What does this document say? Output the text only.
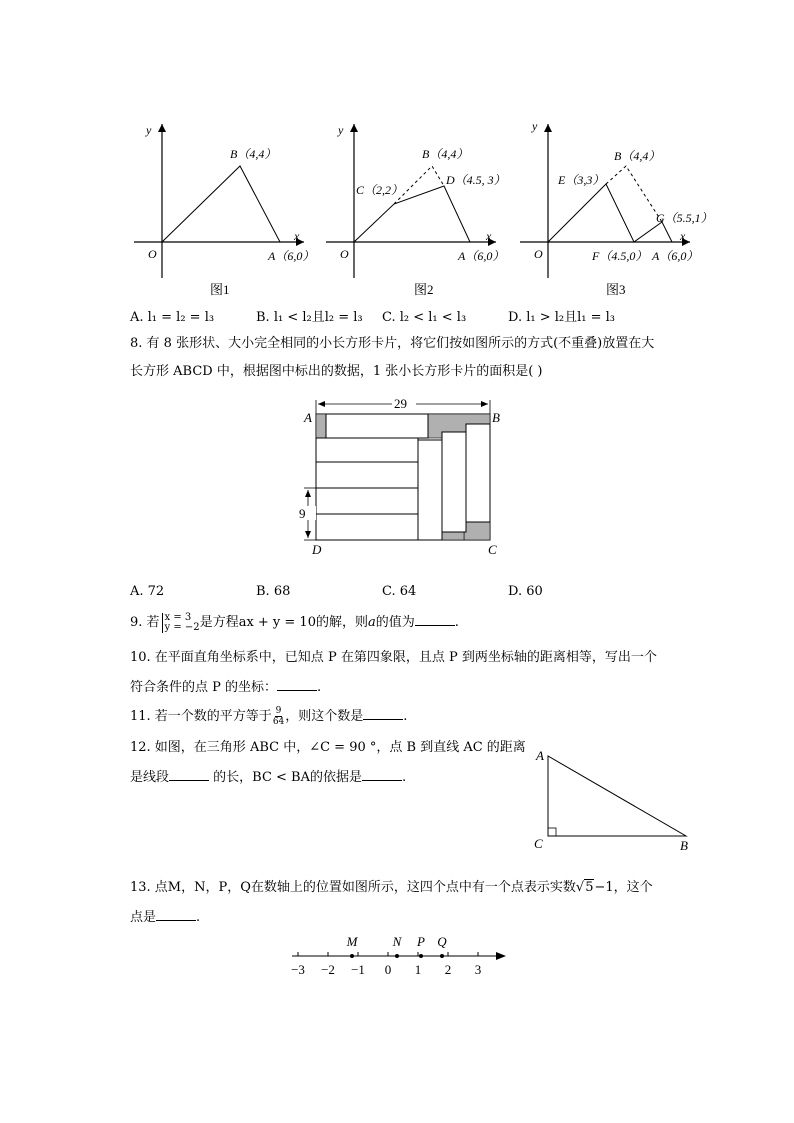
y
x
O
B（4,4）
A（6,0）
图1
y
x
O
B（4,4）
C（2,2）
D（4.5, 3）
A（6,0）
图2
y
x
O
B（4,4）
E（3,3）
G（5.5,1）
F（4.5,0） A（6,0）
图3
A. l₁ = l₂ = l₃	B. l₁ < l₂且l₂ = l₃ C. l₂ < l₁ < l₃	D. l₁ > l₂且l₁ = l₃
8. 有 8 张形状、大小完全相同的小长方形卡片，将它们按如图所示的方式(不重叠)放置在大
长方形 ABCD 中，根据图中标出的数据，1 张小长方形卡片的面积是( )
29
9
A	B
D	C
A. 72	B. 68	C. 64	D. 60
9. 若 x = 3
y = −2 是方程ax + y = 10的解，则a的值为	.
10. 在平面直角坐标系中，已知点 P 在第四象限，且点 P 到两坐标轴的距离相等，写出一个
符合条件的点 P 的坐标：	.
11. 若一个数的平方等于 $\frac{9}{64}$ ，则这个数是	.
12. 如图，在三角形 ABC 中，∠C = 90 °，点 B 到直线 AC 的距离
是线段	的长，BC < BA的依据是	.
A
C	B
13. 点M，N，P，Q在数轴上的位置如图所示，这四个点中有一个点表示实数√5−1，这个
点是	.
−3 −2 −1 0 1 2 3
M	N P Q
